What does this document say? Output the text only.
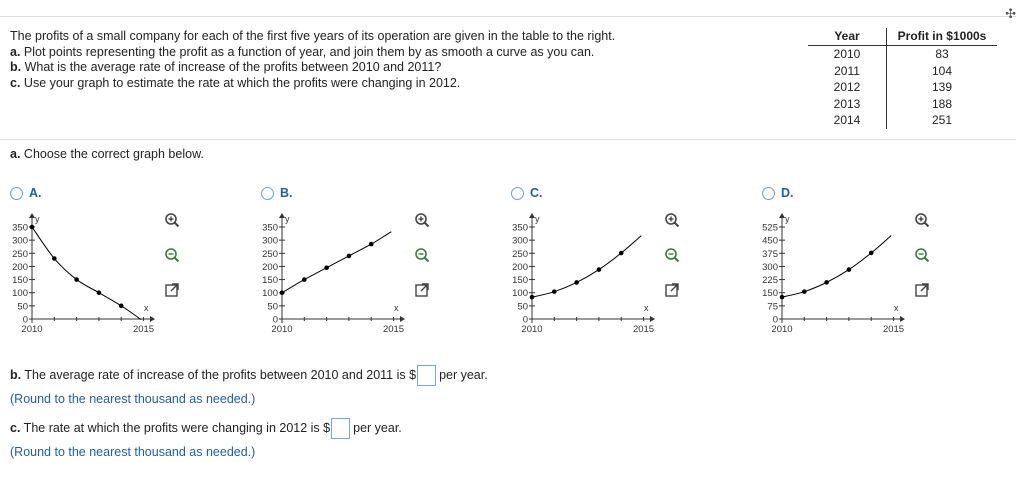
✣
The profits of a small company for each of the first five years of its operation are given in the table to the right.
a. Plot points representing the profit as a function of year, and join them by as smooth a curve as you can.
b. What is the average rate of increase of the profits between 2010 and 2011?
c. Use your graph to estimate the rate at which the profits were changing in 2012.
Year	Profit in $1000s
2010	83
2011	104
2012	139
2013	188
2014	251
a. Choose the correct graph below.
A.	B.	C.	D.
y
x
350
300
250
200
150
100
50
0
2010	2015
y
x
350
300
250
200
150
100
50
0
2010	2015
y
x
350
300
250
200
150
100
50
0
2010	2015
y
x
525
450
375
300
225
150
75
0
2010	2015
b. The average rate of increase of the profits between 2010 and 2011 is $ per year.
(Round to the nearest thousand as needed.)
c. The rate at which the profits were changing in 2012 is $ per year.
(Round to the nearest thousand as needed.)
